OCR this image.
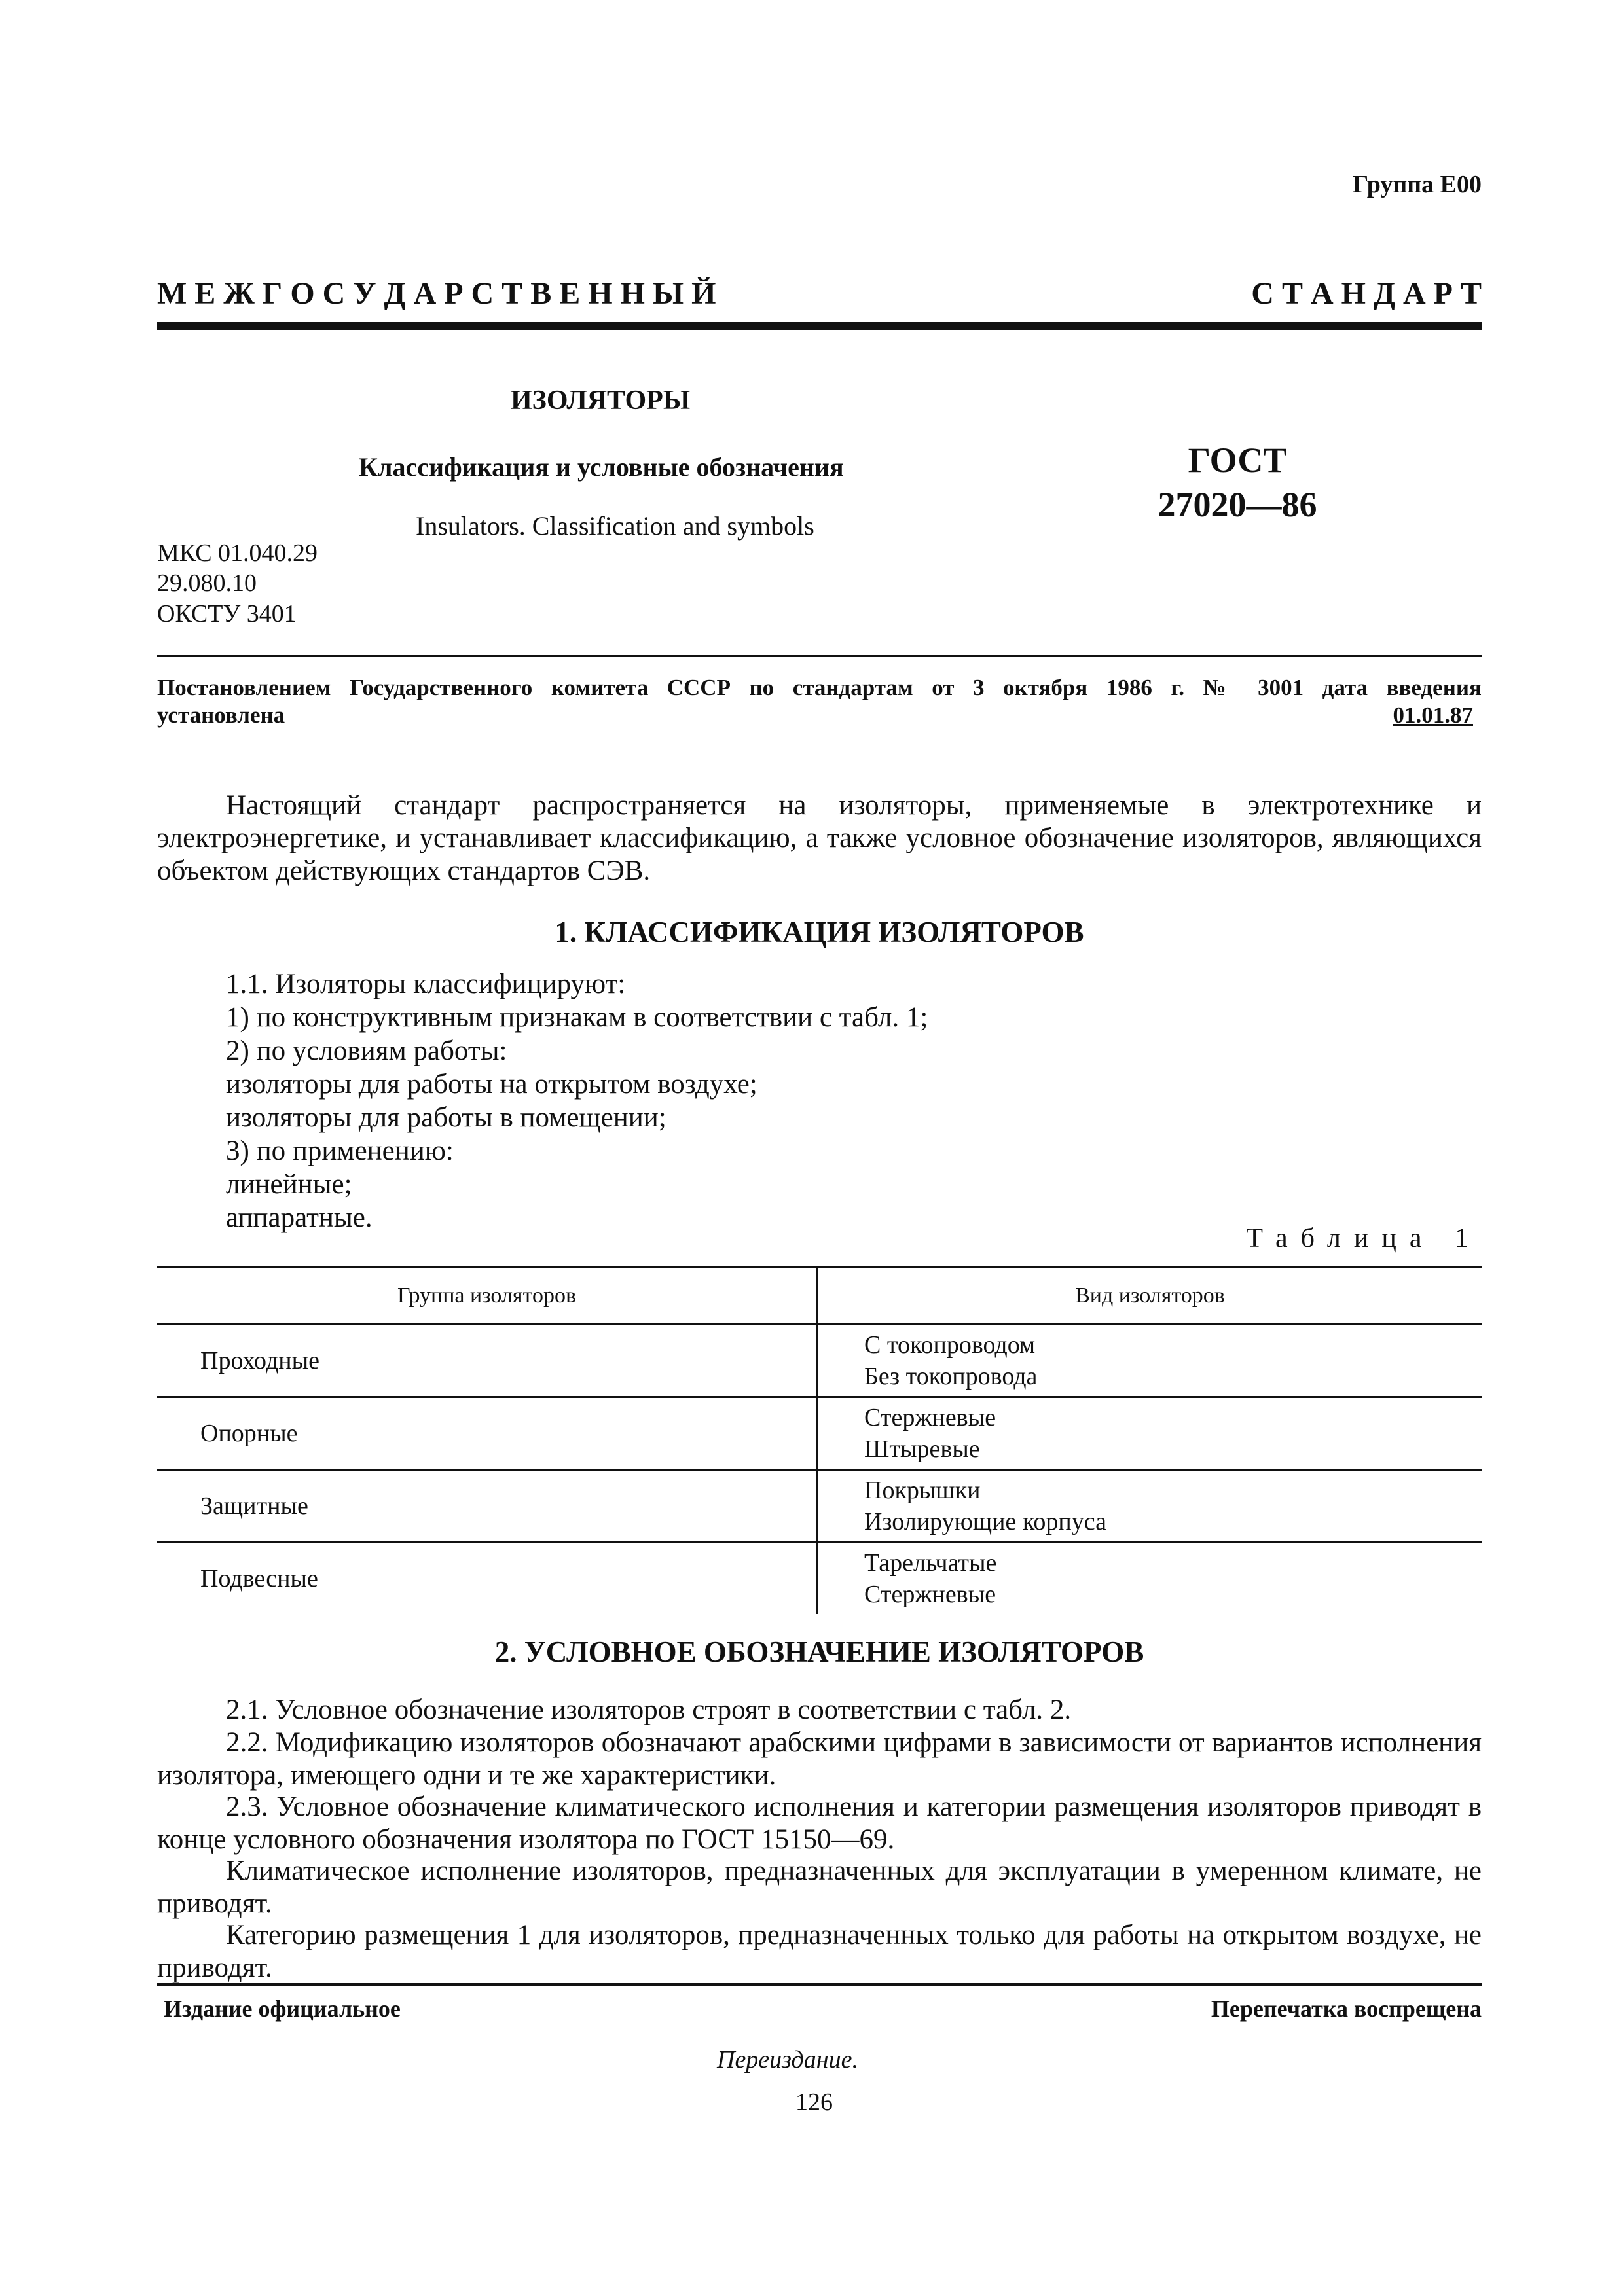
Группа Е00
М Е Ж Г О С У Д А Р С Т В Е Н Н Ы Й	С Т А Н Д А Р Т
ИЗОЛЯТОРЫ
Классификация и условные обозначения
Insulators. Classification and symbols
ГОСТ
27020—86
МКС 01.040.29
29.080.10
ОКСТУ 3401
Постановлением Государственного комитета СССР по стандартам от 3 октября 1986 г. № 3001 дата введения
установлена	01.01.87
Настоящий стандарт распространяется на изоляторы, применяемые в электротехнике и электроэнергетике, и устанавливает классификацию, а также условное обозначение изоляторов, являющихся объектом действующих стандартов СЭВ.
1. КЛАССИФИКАЦИЯ ИЗОЛЯТОРОВ
1.1. Изоляторы классифицируют:
1) по конструктивным признакам в соответствии с табл. 1;
2) по условиям работы:
изоляторы для работы на открытом воздухе;
изоляторы для работы в помещении;
3) по применению:
линейные;
аппаратные.
Таблица 1
Группа изоляторов	Вид изоляторов
Проходные	С токопроводом
Без токопровода

Опорные	Стержневые
Штыревые

Защитные	Покрышки
Изолирующие корпуса

Подвесные	Тарельчатые
Стержневые
2. УСЛОВНОЕ ОБОЗНАЧЕНИЕ ИЗОЛЯТОРОВ
2.1. Условное обозначение изоляторов строят в соответствии с табл. 2.
2.2. Модификацию изоляторов обозначают арабскими цифрами в зависимости от вариантов исполнения изолятора, имеющего одни и те же характеристики.
2.3. Условное обозначение климатического исполнения и категории размещения изоляторов приводят в конце условного обозначения изолятора по ГОСТ 15150—69.
Климатическое исполнение изоляторов, предназначенных для эксплуатации в умеренном климате, не приводят.
Категорию размещения 1 для изоляторов, предназначенных только для работы на открытом воздухе, не приводят.
Издание официальное	Перепечатка воспрещена
Переиздание.
126
